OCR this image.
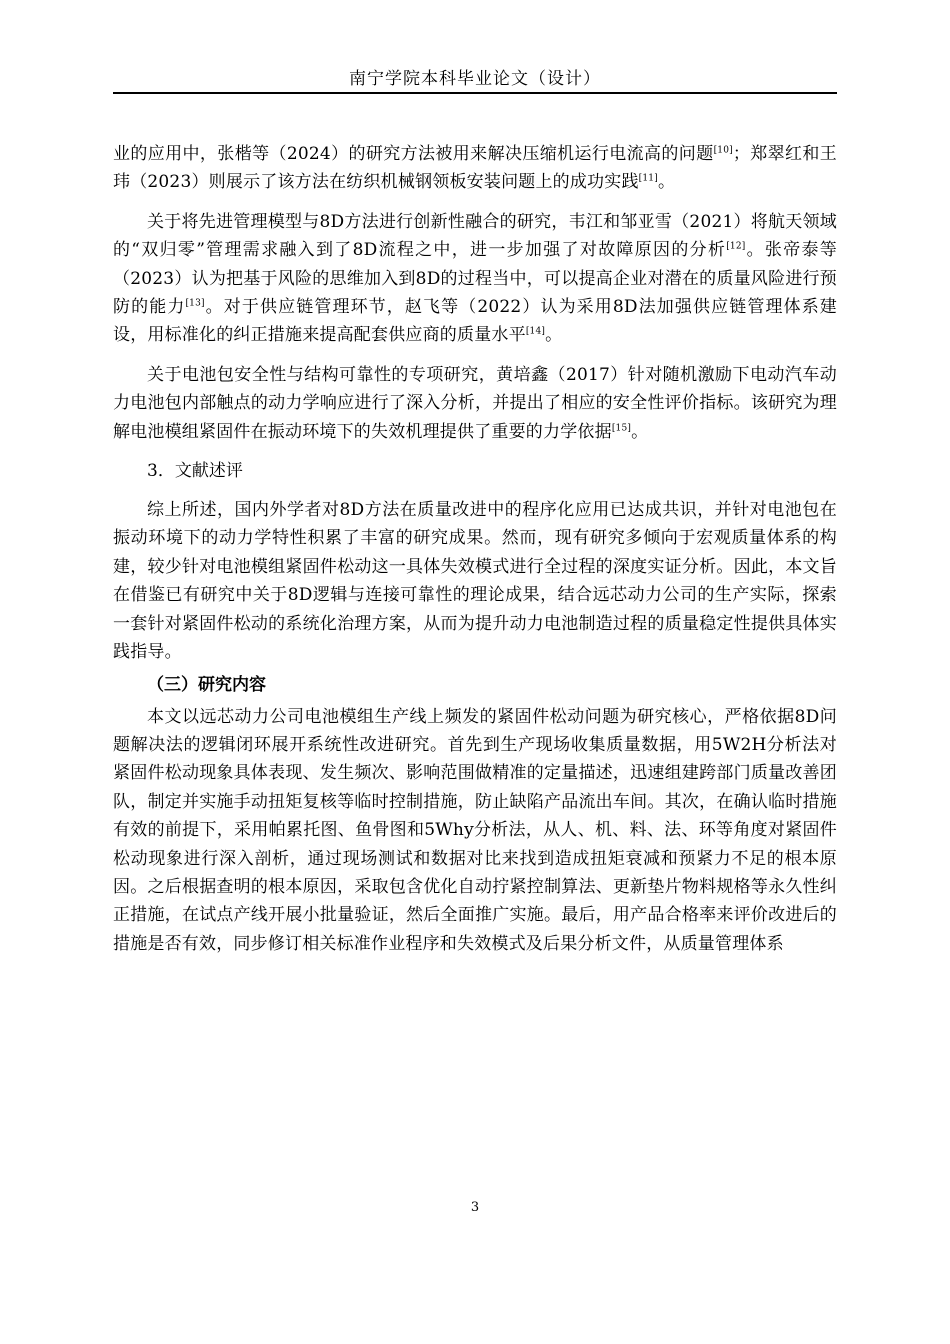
南宁学院本科毕业论文（设计）

业的应用中，张楷等（2024）的研究方法被用来解决压缩机运行电流高的问题[10]；郑翠红和王玮（2023）则展示了该方法在纺织机械钢领板安装问题上的成功实践[11]。

关于将先进管理模型与8D方法进行创新性融合的研究，韦江和邹亚雪（2021）将航天领域的“双归零”管理需求融入到了8D流程之中，进一步加强了对故障原因的分析[12]。张帝泰等（2023）认为把基于风险的思维加入到8D的过程当中，可以提高企业对潜在的质量风险进行预防的能力[13]。对于供应链管理环节，赵飞等（2022）认为采用8D法加强供应链管理体系建设，用标准化的纠正措施来提高配套供应商的质量水平[14]。

关于电池包安全性与结构可靠性的专项研究，黄培鑫（2017）针对随机激励下电动汽车动力电池包内部触点的动力学响应进行了深入分析，并提出了相应的安全性评价指标。该研究为理解电池模组紧固件在振动环境下的失效机理提供了重要的力学依据[15]。

3．文献述评

综上所述，国内外学者对8D方法在质量改进中的程序化应用已达成共识，并针对电池包在振动环境下的动力学特性积累了丰富的研究成果。然而，现有研究多倾向于宏观质量体系的构建，较少针对电池模组紧固件松动这一具体失效模式进行全过程的深度实证分析。因此，本文旨在借鉴已有研究中关于8D逻辑与连接可靠性的理论成果，结合远芯动力公司的生产实际，探索一套针对紧固件松动的系统化治理方案，从而为提升动力电池制造过程的质量稳定性提供具体实践指导。

（三）研究内容

本文以远芯动力公司电池模组生产线上频发的紧固件松动问题为研究核心，严格依据8D问题解决法的逻辑闭环展开系统性改进研究。首先到生产现场收集质量数据，用5W2H分析法对紧固件松动现象具体表现、发生频次、影响范围做精准的定量描述，迅速组建跨部门质量改善团队，制定并实施手动扭矩复核等临时控制措施，防止缺陷产品流出车间。其次，在确认临时措施有效的前提下，采用帕累托图、鱼骨图和5Why分析法，从人、机、料、法、环等角度对紧固件松动现象进行深入剖析，通过现场测试和数据对比来找到造成扭矩衰减和预紧力不足的根本原因。之后根据查明的根本原因，采取包含优化自动拧紧控制算法、更新垫片物料规格等永久性纠正措施，在试点产线开展小批量验证，然后全面推广实施。最后，用产品合格率来评价改进后的措施是否有效，同步修订相关标准作业程序和失效模式及后果分析文件，从质量管理体系

3
